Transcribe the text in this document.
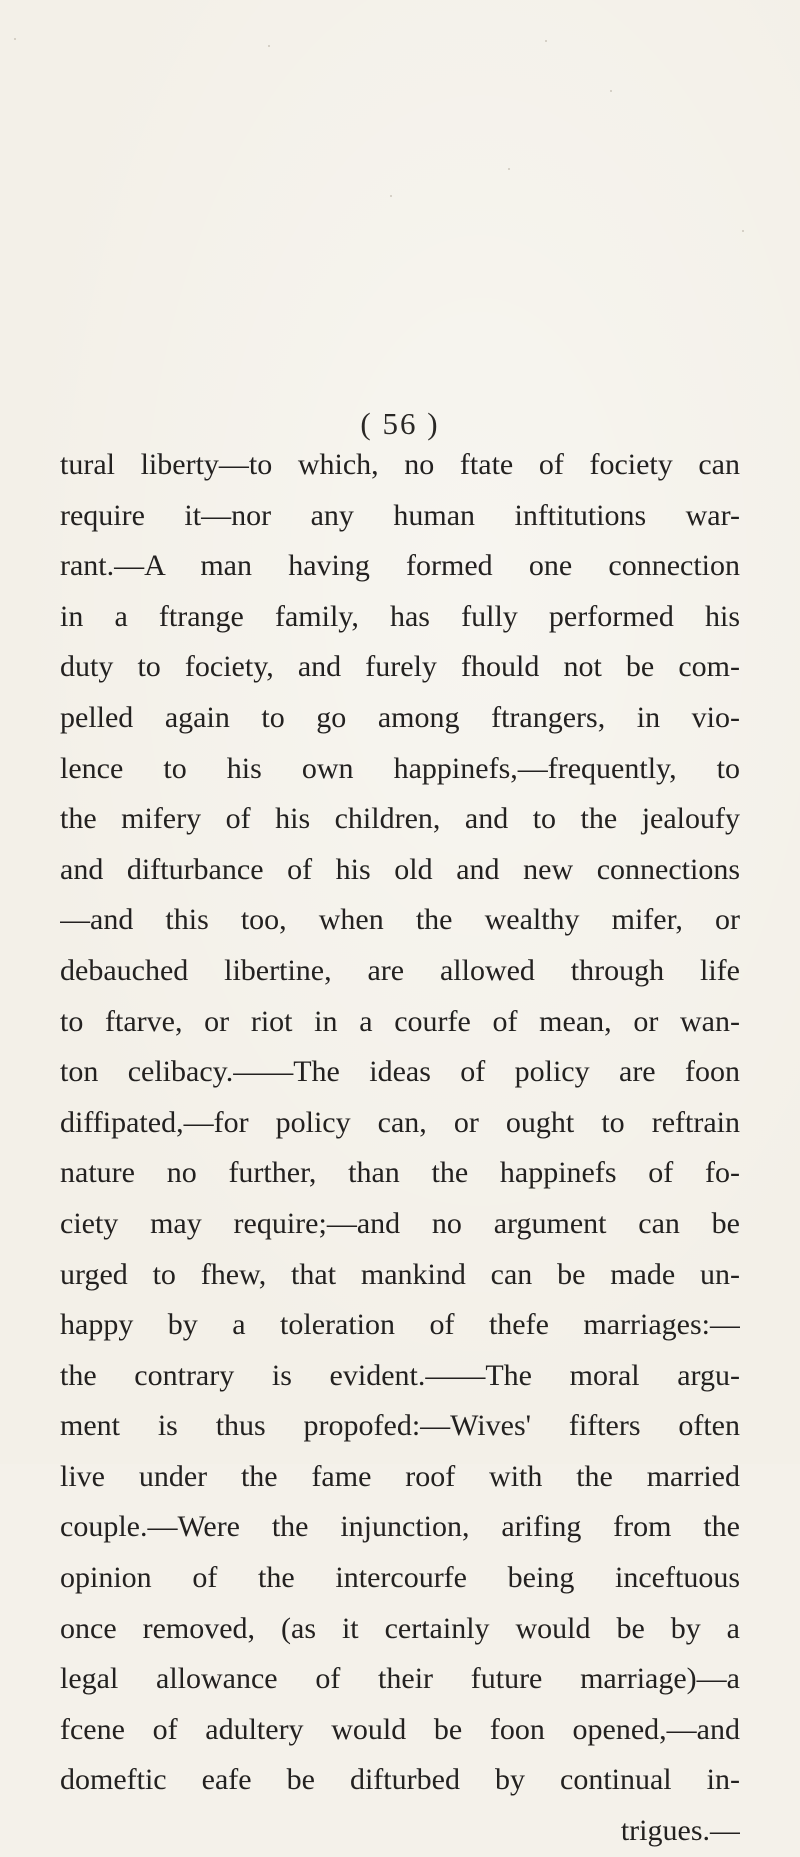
( 56 )
tural liberty—to which, no ftate of fociety can
require it—nor any human inftitutions war-
rant.—A man having formed one connection
in a ftrange family, has fully performed his
duty to fociety, and furely fhould not be com-
pelled again to go among ftrangers, in vio-
lence to his own happinefs,—frequently, to
the mifery of his children, and to the jealoufy
and difturbance of his old and new connections
—and this too, when the wealthy mifer, or
debauched libertine, are allowed through life
to ftarve, or riot in a courfe of mean, or wan-
ton celibacy.——The ideas of policy are foon
diffipated,—for policy can, or ought to reftrain
nature no further, than the happinefs of fo-
ciety may require;—and no argument can be
urged to fhew, that mankind can be made un-
happy by a toleration of thefe marriages:—
the contrary is evident.——The moral argu-
ment is thus propofed:—Wives' fifters often
live under the fame roof with the married
couple.—Were the injunction, arifing from the
opinion of the intercourfe being inceftuous
once removed, (as it certainly would be by a
legal allowance of their future marriage)—a
fcene of adultery would be foon opened,—and
domeftic eafe be difturbed by continual in-
trigues.—
